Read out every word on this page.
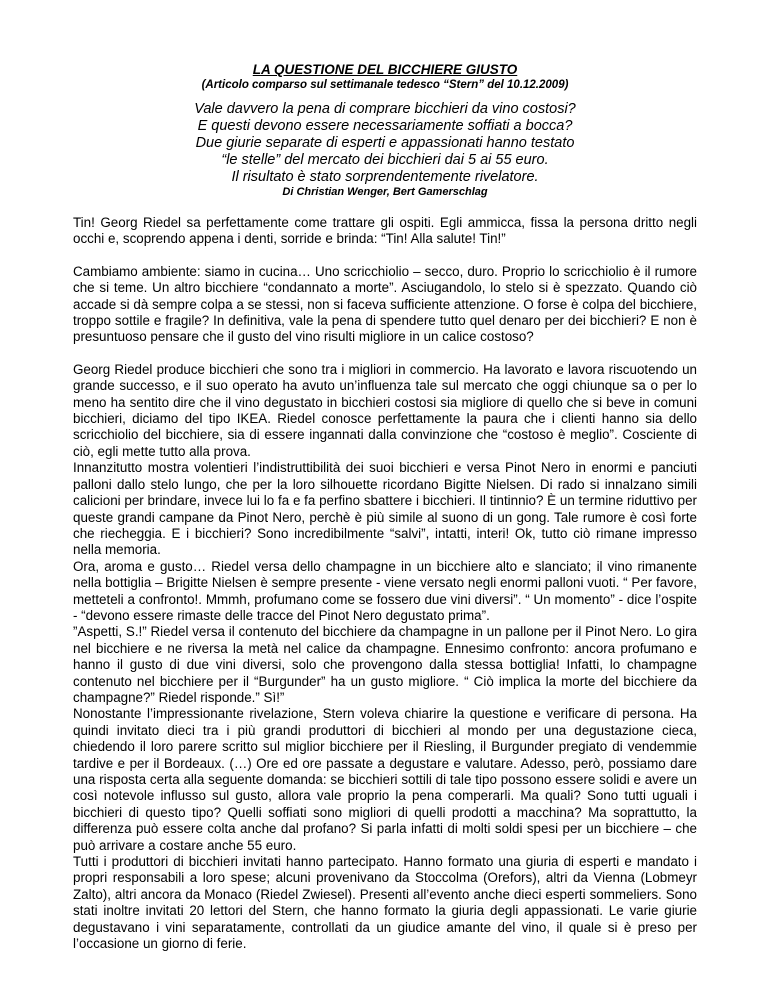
LA QUESTIONE DEL BICCHIERE GIUSTO

(Articolo comparso sul settimanale tedesco “Stern” del 10.12.2009)

Vale davvero la pena di comprare bicchieri da vino costosi?

E questi devono essere necessariamente soffiati a bocca?

Due giurie separate di esperti e appassionati hanno testato

“le stelle” del mercato dei bicchieri dai 5 ai 55 euro.

Il risultato è stato sorprendentemente rivelatore.

Di Christian Wenger, Bert Gamerschlag

Tin! Georg Riedel sa perfettamente come trattare gli ospiti. Egli ammicca, fissa la persona dritto negli occhi e, scoprendo appena i denti, sorride e brinda: “Tin! Alla salute! Tin!”

Cambiamo ambiente: siamo in cucina… Uno scricchiolio – secco, duro. Proprio lo scricchiolio è il rumore che si teme. Un altro bicchiere “condannato a morte”. Asciugandolo, lo stelo si è spezzato. Quando ciò accade si dà sempre colpa a se stessi, non si faceva sufficiente attenzione. O forse è colpa del bicchiere, troppo sottile e fragile? In definitiva, vale la pena di spendere tutto quel denaro per dei bicchieri? E non è presuntuoso pensare che il gusto del vino risulti migliore in un calice costoso?

Georg Riedel produce bicchieri che sono tra i migliori in commercio. Ha lavorato e lavora riscuotendo un grande successo, e il suo operato ha avuto un’influenza tale sul mercato che oggi chiunque sa o per lo meno ha sentito dire che il vino degustato in bicchieri costosi sia migliore di quello che si beve in comuni bicchieri, diciamo del tipo IKEA. Riedel conosce perfettamente la paura che i clienti hanno sia dello scricchiolio del bicchiere, sia di essere ingannati dalla convinzione che “costoso è meglio”. Cosciente di ciò, egli mette tutto alla prova.

Innanzitutto mostra volentieri l’indistruttibilità dei suoi bicchieri e versa Pinot Nero in enormi e panciuti palloni dallo stelo lungo, che per la loro silhouette ricordano Bigitte Nielsen. Di rado si innalzano simili calicioni per brindare, invece lui lo fa e fa perfino sbattere i bicchieri. Il tintinnio? È un termine riduttivo per queste grandi campane da Pinot Nero, perchè è più simile al suono di un gong. Tale rumore è così forte che riecheggia. E i bicchieri? Sono incredibilmente “salvi”, intatti, interi! Ok, tutto ciò rimane impresso nella memoria.

Ora, aroma e gusto… Riedel versa dello champagne in un bicchiere alto e slanciato; il vino rimanente nella bottiglia – Brigitte Nielsen è sempre presente - viene versato negli enormi palloni vuoti. “ Per favore, metteteli a confronto!. Mmmh, profumano come se fossero due vini diversi”. “ Un momento” - dice l’ospite - “devono essere rimaste delle tracce del Pinot Nero degustato prima”.

”Aspetti, S.!” Riedel versa il contenuto del bicchiere da champagne in un pallone per il Pinot Nero. Lo gira nel bicchiere e ne riversa la metà nel calice da champagne. Ennesimo confronto: ancora profumano e hanno il gusto di due vini diversi, solo che provengono dalla stessa bottiglia! Infatti, lo champagne contenuto nel bicchiere per il “Burgunder” ha un gusto migliore. “ Ciò implica la morte del bicchiere da champagne?” Riedel risponde.” Sì!”

Nonostante l’impressionante rivelazione, Stern voleva chiarire la questione e verificare di persona. Ha quindi invitato dieci tra i più grandi produttori di bicchieri al mondo per una degustazione cieca, chiedendo il loro parere scritto sul miglior bicchiere per il Riesling, il Burgunder pregiato di vendemmie tardive e per il Bordeaux. (…) Ore ed ore passate a degustare e valutare. Adesso, però, possiamo dare una risposta certa alla seguente domanda: se bicchieri sottili di tale tipo possono essere solidi e avere un così notevole influsso sul gusto, allora vale proprio la pena comperarli. Ma quali? Sono tutti uguali i bicchieri di questo tipo? Quelli soffiati sono migliori di quelli prodotti a macchina? Ma soprattutto, la differenza può essere colta anche dal profano? Si parla infatti di molti soldi spesi per un bicchiere – che può arrivare a costare anche 55 euro.

Tutti i produttori di bicchieri invitati hanno partecipato. Hanno formato una giuria di esperti e mandato i propri responsabili a loro spese; alcuni provenivano da Stoccolma (Orefors), altri da Vienna (Lobmeyr Zalto), altri ancora da Monaco (Riedel Zwiesel). Presenti all’evento anche dieci esperti sommeliers. Sono stati inoltre invitati 20 lettori del Stern, che hanno formato la giuria degli appassionati. Le varie giurie degustavano i vini separatamente, controllati da un giudice amante del vino, il quale si è preso per l’occasione un giorno di ferie.
